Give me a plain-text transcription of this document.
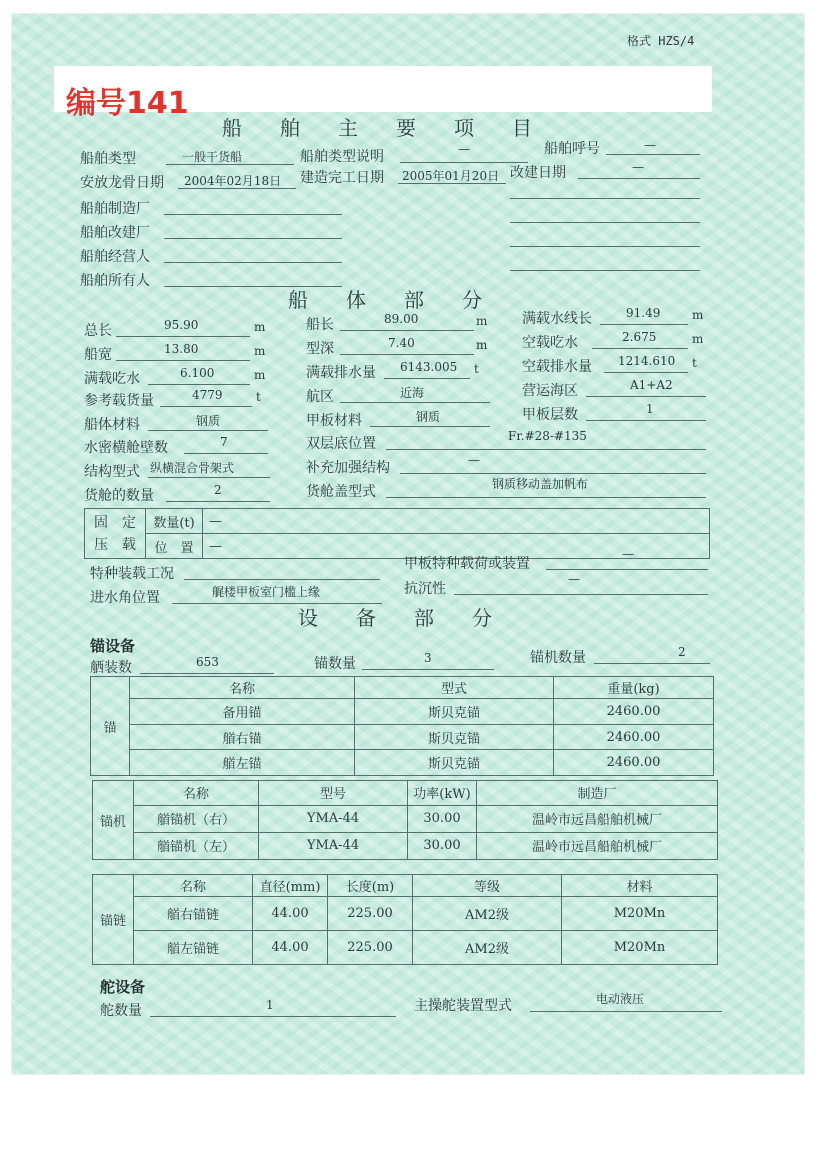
格式 HZS/4
编号141
船舶主要项目
船舶类型	一般干货船	船舶类型说明	—	船舶呼号	—
安放龙骨日期 2004年02月18日 建造完工日期 2005年01月20日 改建日期	—
船舶制造厂
船舶改建厂
船舶经营人
船舶所有人
船体部分
总长	95.90	m	船长	89.00	m 满载水线长	91.49	m
船宽	13.80	m	型深	7.40	m 空载吃水	2.675	m
满载吃水	6.100	m	满载排水量 6143.005 t	空载排水量 1214.610 t
参考载货量	4779	t	航区	近海	营运海区	A1+A2
船体材料	钢质	甲板材料	钢质	甲板层数	1
水密横舱壁数	7	双层底位置	Fr.#28-#135
结构型式 纵横混合骨架式	补充加强结构	—
货舱的数量	2	货舱盖型式	钢质移动盖加帆布
固　定
压　载	数量(t)	—
	位　置	—
特种装载工况
甲板特种载荷或装置
—
进水角位置	艉楼甲板室门槛上缘	抗沉性
—
设备部分
锚设备
舾装数	653	锚数量	3	锚机数量	2
锚	名称	型式	重量(kg)
	备用锚	斯贝克锚	2460.00
	艏右锚	斯贝克锚	2460.00
	艏左锚	斯贝克锚	2460.00
锚机	名称	型号	功率(kW)	制造厂
	艏锚机（右）	YMA-44	30.00	温岭市远昌船舶机械厂
	艏锚机（左）	YMA-44	30.00	温岭市远昌船舶机械厂
锚链	名称	直径(mm)	长度(m)	等级	材料
	艏右锚链	44.00	225.00	AM2级	M20Mn
	艏左锚链	44.00	225.00	AM2级	M20Mn
舵设备
舵数量	1	主操舵装置型式	电动液压
